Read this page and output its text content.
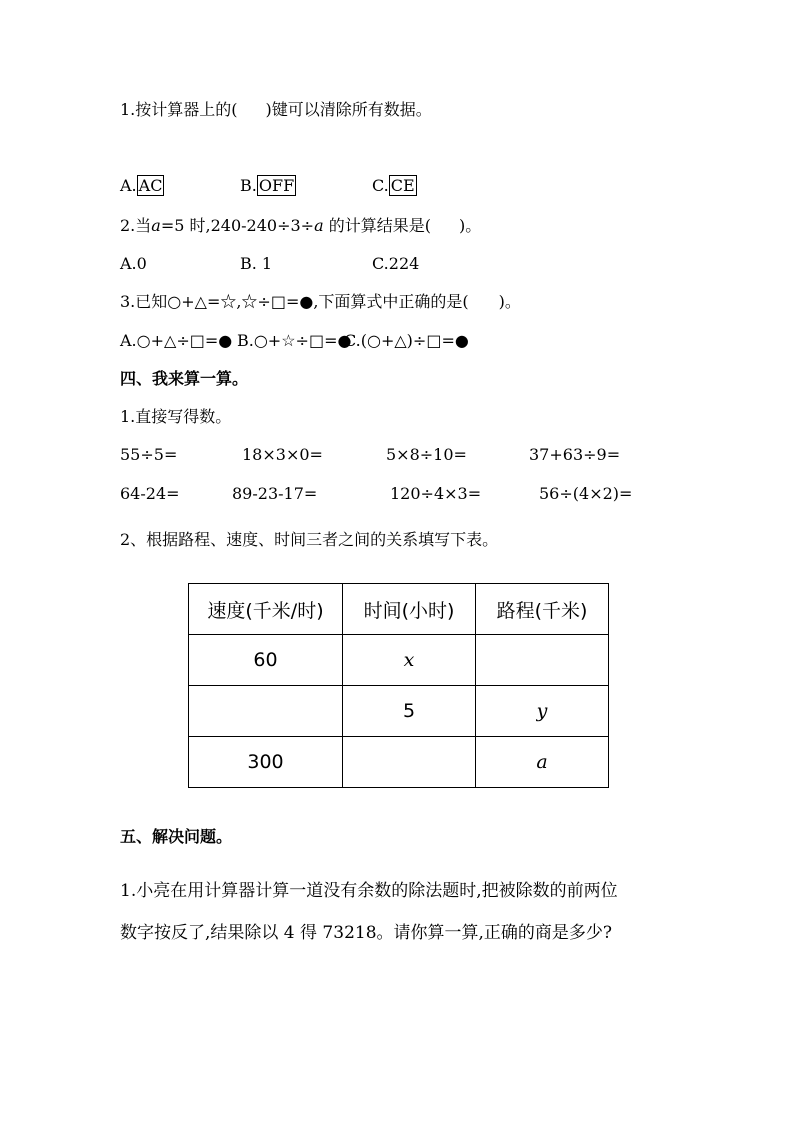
1.按计算器上的( )键可以清除所有数据。
A. AC	B. OFF	C. CE
2.当a=5 时,240-240÷3÷a 的计算结果是( )。
A.0	B. 1	C.224
3.已知○+△=☆,☆÷□=●,下面算式中正确的是( )。
A.○+△÷□=● B.○+☆÷□=●
C.(○+△)÷□=●
四、我来算一算。
1.直接写得数。
55÷5=	18×3×0=	5×8÷10=	37+63÷9=
64-24=	89-23-17=	120÷4×3=	56÷(4×2)=
2、根据路程、速度、时间三者之间的关系填写下表。
速度(千米/时)	时间(小时)	路程(千米)
60	x	
	5	y
300		a
五、解决问题。
1.小亮在用计算器计算一道没有余数的除法题时,把被除数的前两位
数字按反了,结果除以 4 得 73218。请你算一算,正确的商是多少?
